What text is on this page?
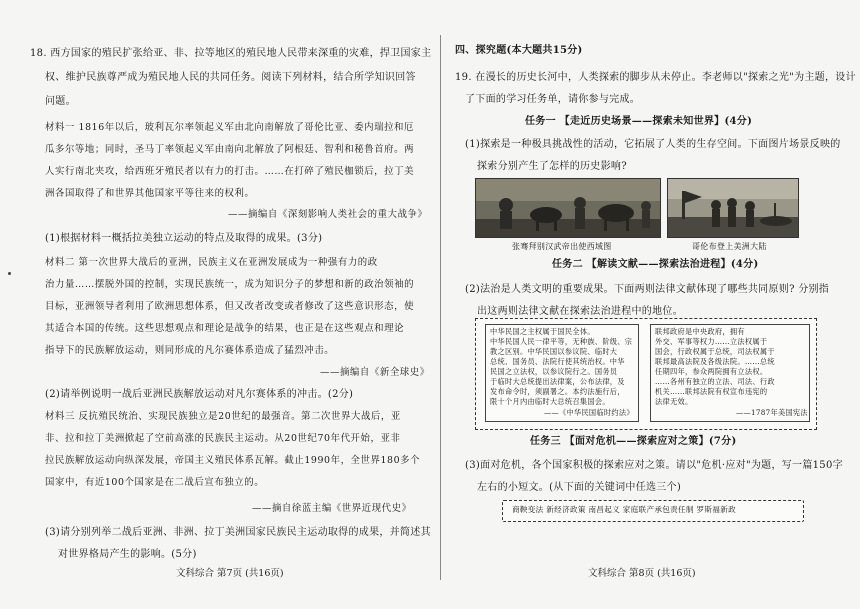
18. 西方国家的殖民扩张给亚、非、拉等地区的殖民地人民带来深重的灾难，捍卫国家主
权、维护民族尊严成为殖民地人民的共同任务。阅读下列材料，结合所学知识回答
问题。
材料一 1816年以后，玻利瓦尔率领起义军由北向南解放了哥伦比亚、委内瑞拉和厄
瓜多尔等地；同时，圣马丁率领起义军由南向北解放了阿根廷、智利和秘鲁首府。两
人实行南北夹攻，给西班牙殖民者以有力的打击。……在打碎了殖民枷锁后，拉丁美
洲各国取得了和世界其他国家平等往来的权利。
——摘编自《深刻影响人类社会的重大战争》
(1)根据材料一概括拉美独立运动的特点及取得的成果。(3分)
材料二 第一次世界大战后的亚洲，民族主义在亚洲发展成为一种强有力的政
治力量……摆脱外国的控制，实现民族统一，成为知识分子的梦想和新的政治领袖的
目标，亚洲领导者利用了欧洲思想体系，但又改者改变或者修改了这些意识形态，使
其适合本国的传统。这些思想观点和理论是战争的结果，也正是在这些观点和理论
指导下的民族解放运动，则同形成的凡尔赛体系造成了猛烈冲击。
——摘编自《新全球史》
(2)请举例说明一战后亚洲民族解放运动对凡尔赛体系的冲击。(2分)
材料三 反抗殖民统治、实现民族独立是20世纪的最强音。第二次世界大战后，亚
非、拉和拉丁美洲掀起了空前高涨的民族民主运动。从20世纪70年代开始，亚非
拉民族解放运动向纵深发展，帝国主义殖民体系瓦解。截止1990年，全世界180多个
国家中，有近100个国家是在二战后宣布独立的。
——摘自徐蓝主编《世界近现代史》
(3)请分别列举二战后亚洲、非洲、拉丁美洲国家民族民主运动取得的成果，并简述其
对世界格局产生的影响。(5分)
文科综合 第7页 (共16页)
四、探究题(本大题共15分)
19. 在漫长的历史长河中，人类探索的脚步从未停止。李老师以"探索之光"为主题，设计
了下面的学习任务单，请你参与完成。
任务一 【走近历史场景——探索未知世界】(4分)
(1)探索是一种极具挑战性的活动，它拓展了人类的生存空间。下面图片场景反映的
探索分别产生了怎样的历史影响?
张骞拜别汉武帝出使西域图	哥伦布登上美洲大陆
任务二 【解读文献——探索法治进程】(4分)
(2)法治是人类文明的重要成果。下面两则法律文献体现了哪些共同原则? 分别指
出这两则法律文献在探索法治进程中的地位。
中华民国之主权属于国民全体。
中华民国人民一律平等，无种族、阶级、宗
教之区别。中华民国以参议院、临时大
总统、国务员、法院行使其统治权。中华
民国之立法权，以参议院行之。国务员
于临时大总统提出法律案，公布法律，及
发布命令时，须副署之。本约法施行后，
限十个月内由临时大总统召集国会。
——《中华民国临时约法》
联邦政府是中央政府，拥有
外交、军事等权力……立法权属于
国会，行政权属于总统，司法权属于
联邦最高法院及各级法院。……总统
任期四年，参众两院拥有立法权。
……各州有独立的立法、司法、行政
机关……联邦法院有权宣布违宪的
法律无效。
——1787年美国宪法
任务三 【面对危机——探索应对之策】(7分)
(3)面对危机，各个国家积极的探索应对之策。请以"危机·应对"为题，写一篇150字
左右的小短文。(从下面的关键词中任选三个)
商鞅变法 新经济政策 南昌起义 家庭联产承包责任制 罗斯福新政
文科综合 第8页 (共16页)
